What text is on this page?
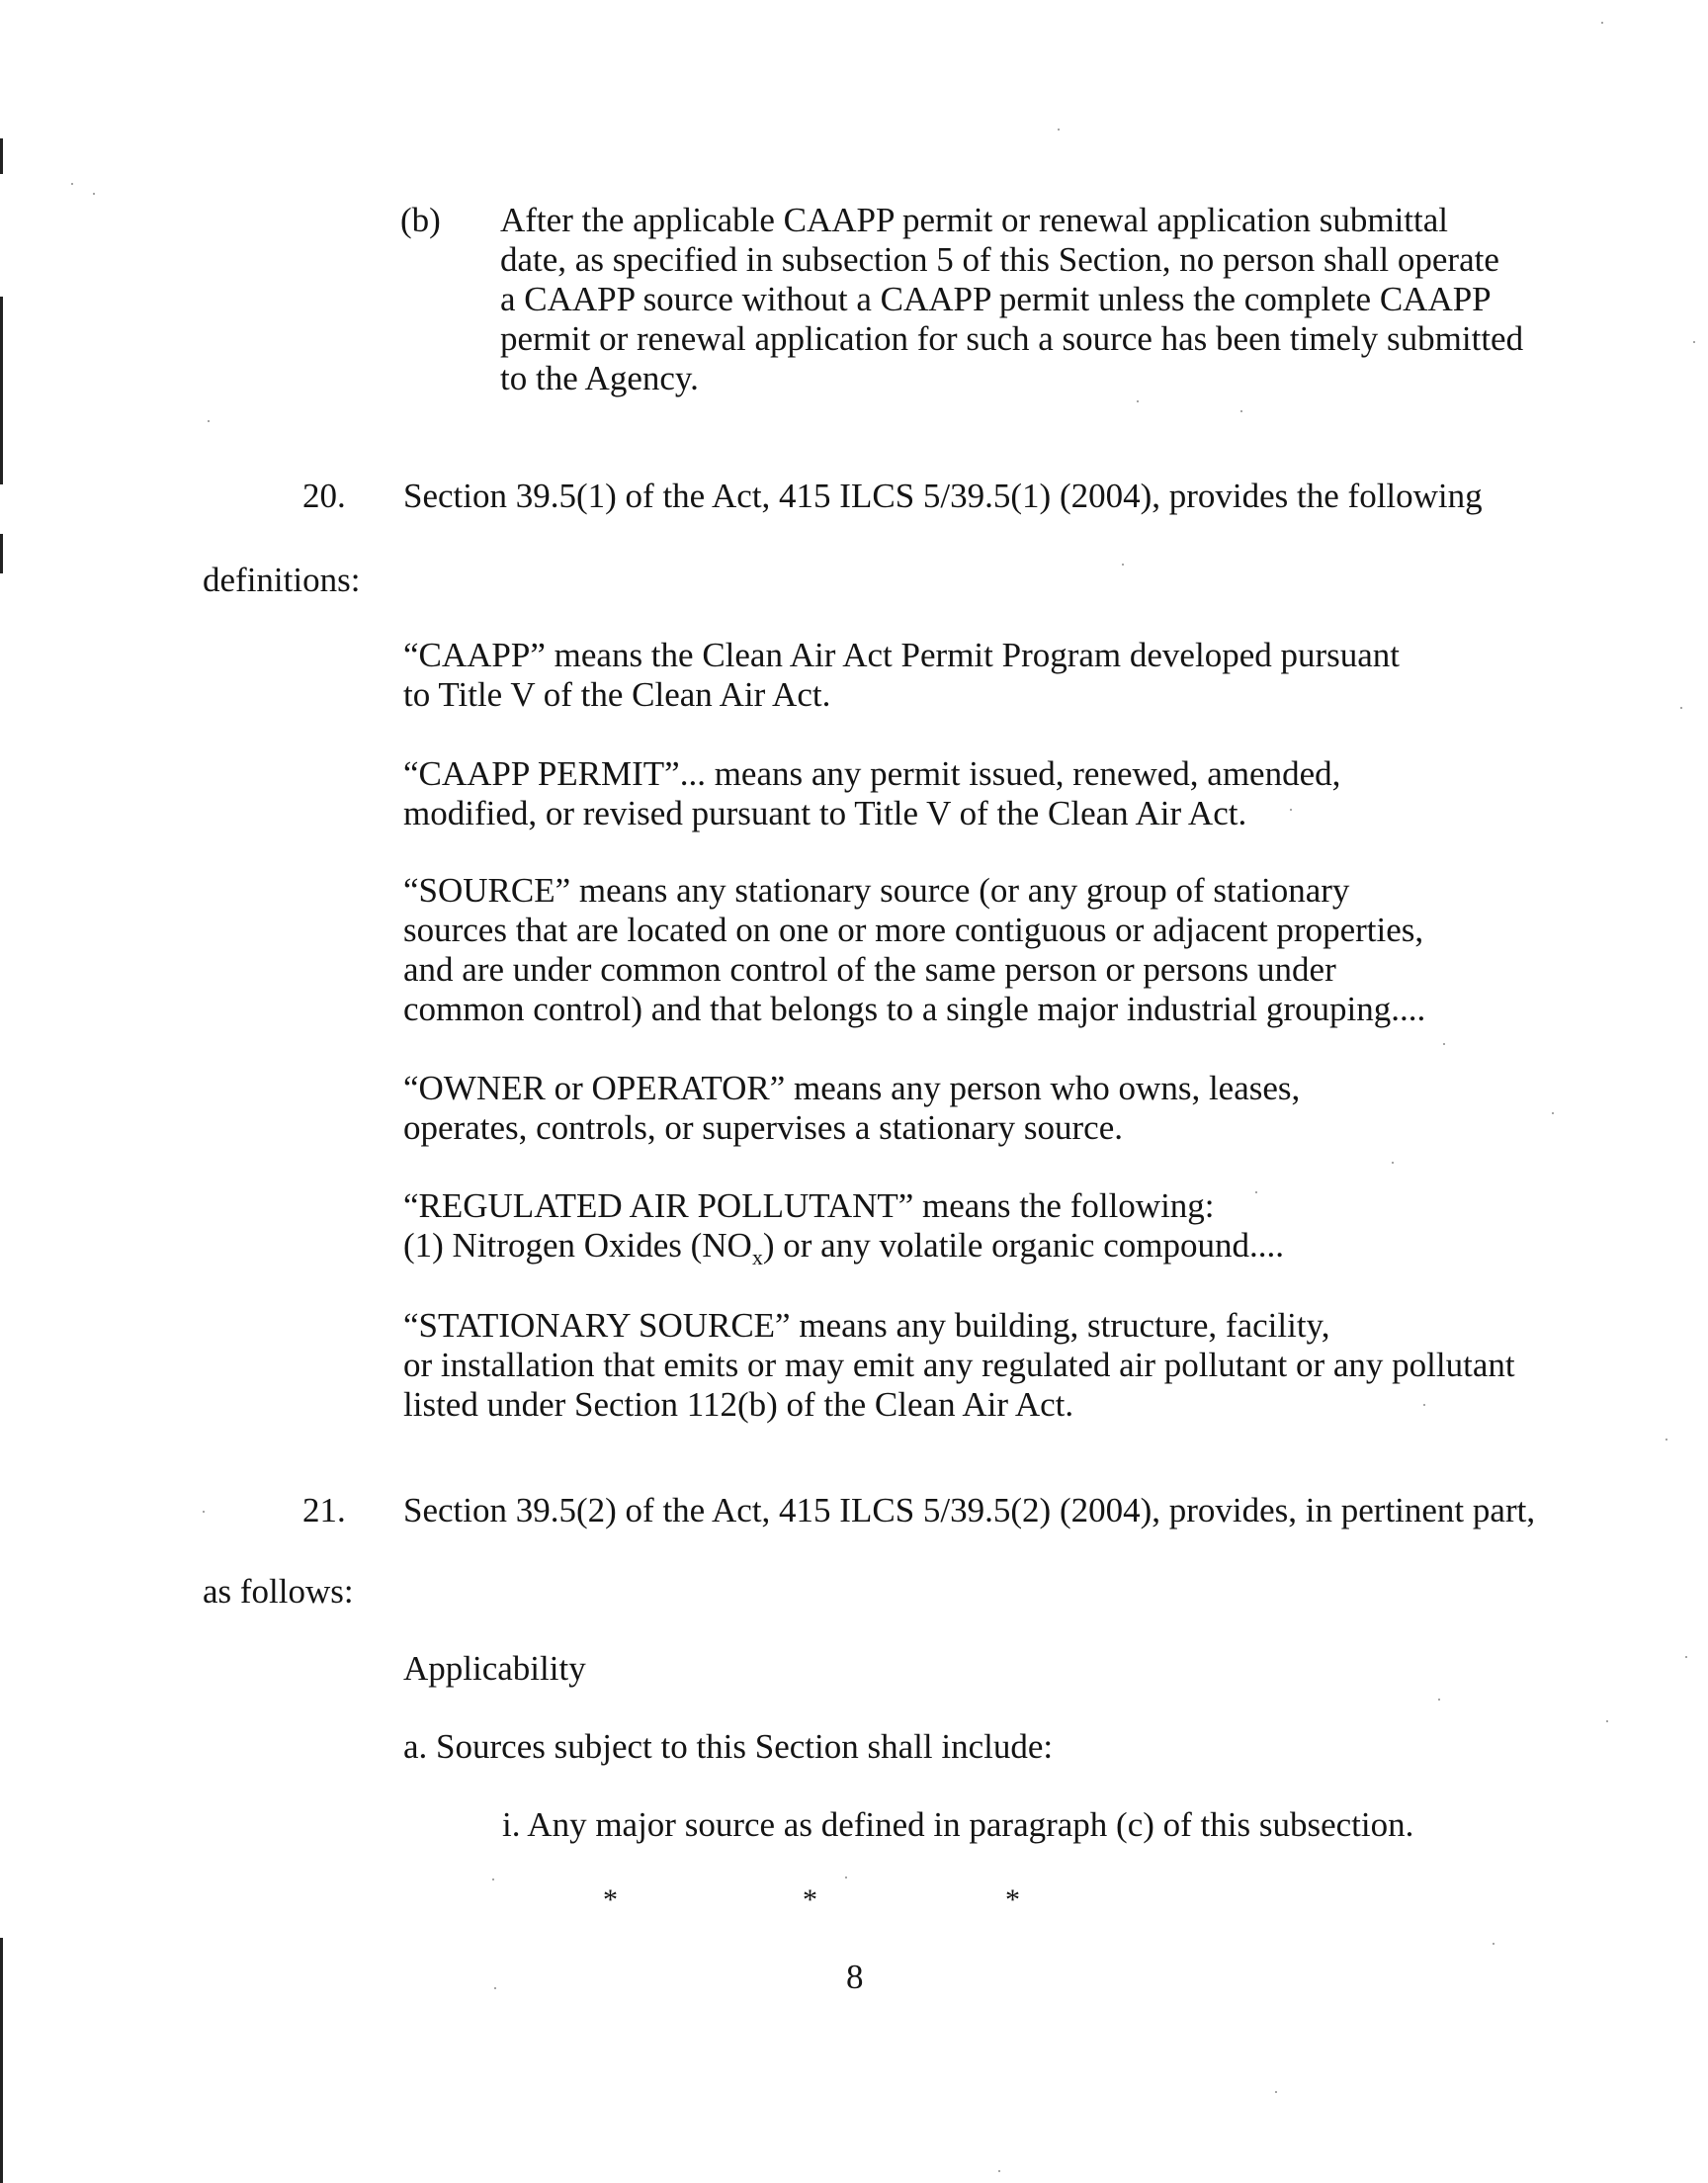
(b) After the applicable CAAPP permit or renewal application submittal
date, as specified in subsection 5 of this Section, no person shall operate
a CAAPP source without a CAAPP permit unless the complete CAAPP
permit or renewal application for such a source has been timely submitted
to the Agency.
20. Section 39.5(1) of the Act, 415 ILCS 5/39.5(1) (2004), provides the following
definitions:
“CAAPP” means the Clean Air Act Permit Program developed pursuant
to Title V of the Clean Air Act.
“CAAPP PERMIT”... means any permit issued, renewed, amended,
modified, or revised pursuant to Title V of the Clean Air Act.
“SOURCE” means any stationary source (or any group of stationary
sources that are located on one or more contiguous or adjacent properties,
and are under common control of the same person or persons under
common control) and that belongs to a single major industrial grouping....
“OWNER or OPERATOR” means any person who owns, leases,
operates, controls, or supervises a stationary source.
“REGULATED AIR POLLUTANT” means the following:
(1) Nitrogen Oxides $(NO_x)$ or any volatile organic compound....
“STATIONARY SOURCE” means any building, structure, facility,
or installation that emits or may emit any regulated air pollutant or any pollutant
listed under Section 112(b) of the Clean Air Act.
21. Section 39.5(2) of the Act, 415 ILCS 5/39.5(2) (2004), provides, in pertinent part,
as follows:
Applicability
a. Sources subject to this Section shall include:
i. Any major source as defined in paragraph (c) of this subsection.
*	*	*
8
